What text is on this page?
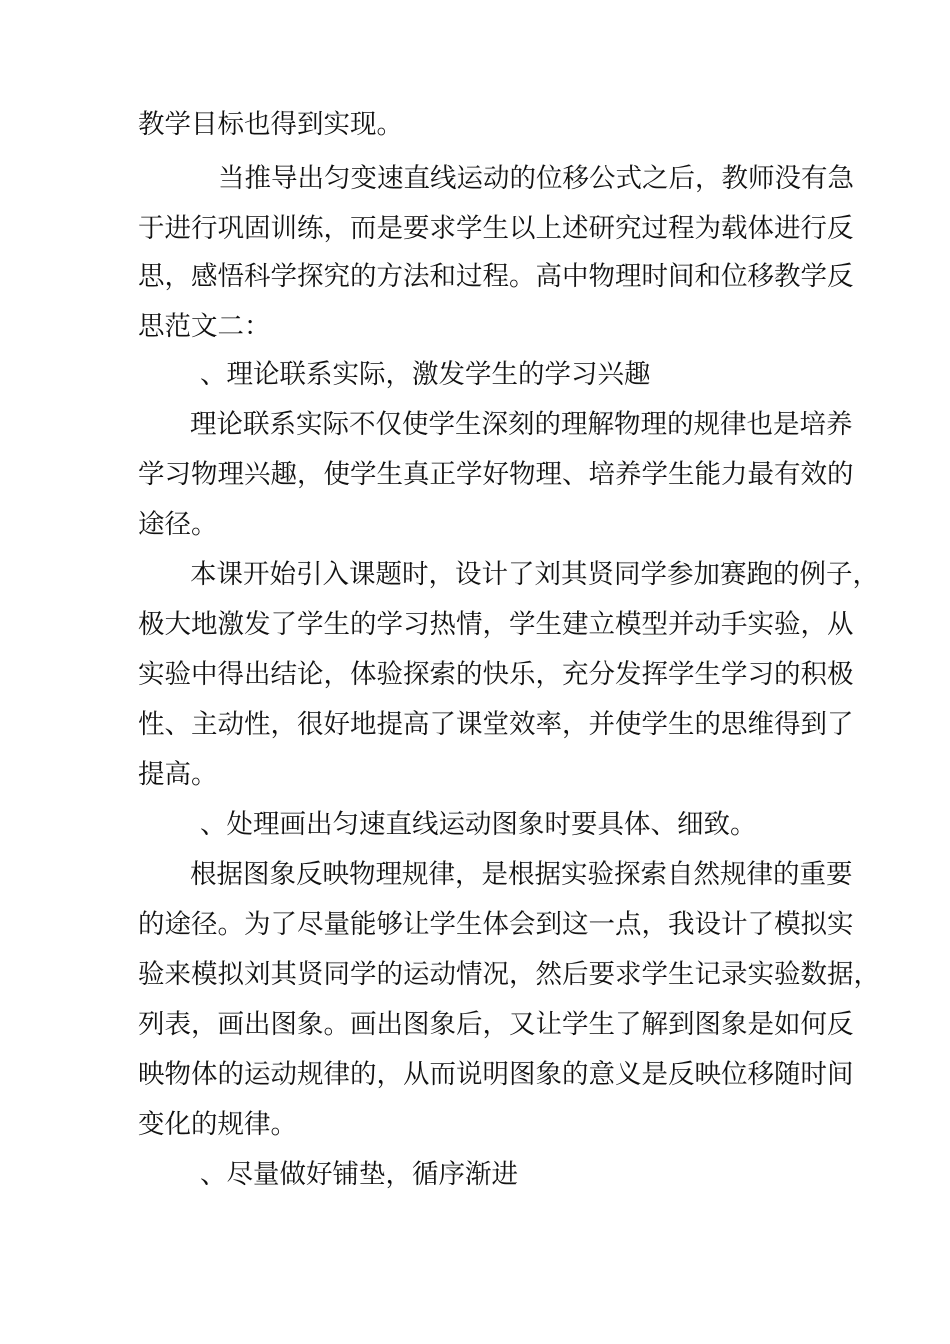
教学目标也得到实现。
当推导出匀变速直线运动的位移公式之后，教师没有急
于进行巩固训练，而是要求学生以上述研究过程为载体进行反
思，感悟科学探究的方法和过程。高中物理时间和位移教学反
思范文二：
、理论联系实际，激发学生的学习兴趣
理论联系实际不仅使学生深刻的理解物理的规律也是培养
学习物理兴趣，使学生真正学好物理、培养学生能力最有效的
途径。
本课开始引入课题时，设计了刘其贤同学参加赛跑的例子，
极大地激发了学生的学习热情，学生建立模型并动手实验，从
实验中得出结论，体验探索的快乐，充分发挥学生学习的积极
性、主动性，很好地提高了课堂效率，并使学生的思维得到了
提高。
、处理画出匀速直线运动图象时要具体、细致。
根据图象反映物理规律，是根据实验探索自然规律的重要
的途径。为了尽量能够让学生体会到这一点，我设计了模拟实
验来模拟刘其贤同学的运动情况，然后要求学生记录实验数据，
列表，画出图象。画出图象后，又让学生了解到图象是如何反
映物体的运动规律的，从而说明图象的意义是反映位移随时间
变化的规律。
、尽量做好铺垫，循序渐进
